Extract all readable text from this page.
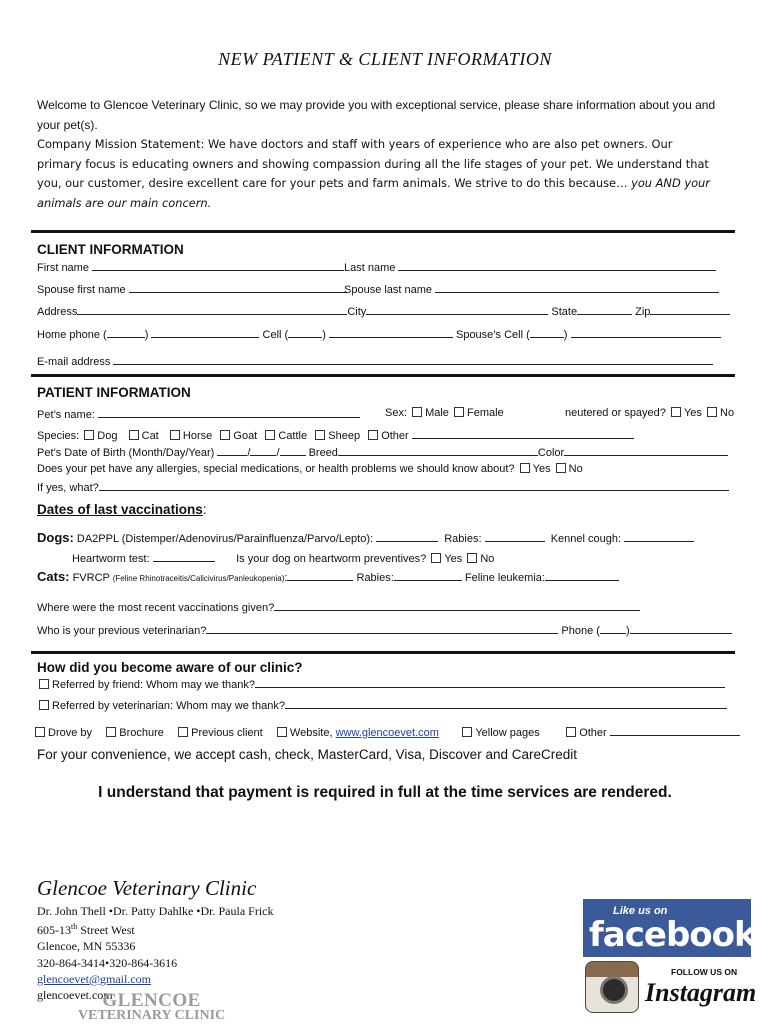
NEW PATIENT & CLIENT INFORMATION
Welcome to Glencoe Veterinary Clinic, so we may provide you with exceptional service, please share information about you and your pet(s).
Company Mission Statement: We have doctors and staff with years of experience who are also pet owners. Our primary focus is educating owners and showing compassion during all the life stages of your pet. We understand that you, our customer, desire excellent care for your pets and farm animals. We strive to do this because… you AND your animals are our main concern.
CLIENT INFORMATION
First name	Last name
Spouse first name	Spouse last name
Address	City	State	Zip
Home phone (	)	Cell (	)	Spouse’s Cell (	)
E-mail address
PATIENT INFORMATION
Pet’s name:	Sex: Male Female	neutered or spayed? Yes No
Species: Dog Cat Horse Goat Cattle Sheep Other
Pet’s Date of Birth (Month/Day/Year)	/ /	Breed	Color
Does your pet have any allergies, special medications, or health problems we should know about? Yes No
If yes, what?
Dates of last vaccinations:
Dogs: DA2PPL (Distemper/Adenovirus/Parainfluenza/Parvo/Lepto):	Rabies:	Kennel cough:
Heartworm test:	Is your dog on heartworm preventives? Yes No
Cats: FVRCP (Feline Rhinotraceitis/Calicivirus/Panleukopenia):	Rabies:	Feline leukemia:
Where were the most recent vaccinations given?
Who is your previous veterinarian?	Phone ( )
How did you become aware of our clinic?
Referred by friend: Whom may we thank?
Referred by veterinarian: Whom may we thank?
Drove by Brochure Previous client Website, www.glencoevet.com	Yellow pages	Other
For your convenience, we accept cash, check, MasterCard, Visa, Discover and CareCredit
I understand that payment is required in full at the time services are rendered.
Glencoe Veterinary Clinic
Dr. John Thell •Dr. Patty Dahlke •Dr. Paula Frick
605-13th Street West
Glencoe, MN 55336
320-864-3414•320-864-3616
glencoevet@gmail.com
glencoevet.com
GLENCOE
VETERINARY CLINIC
Like us on
facebook
FOLLOW US ON
Instagram
